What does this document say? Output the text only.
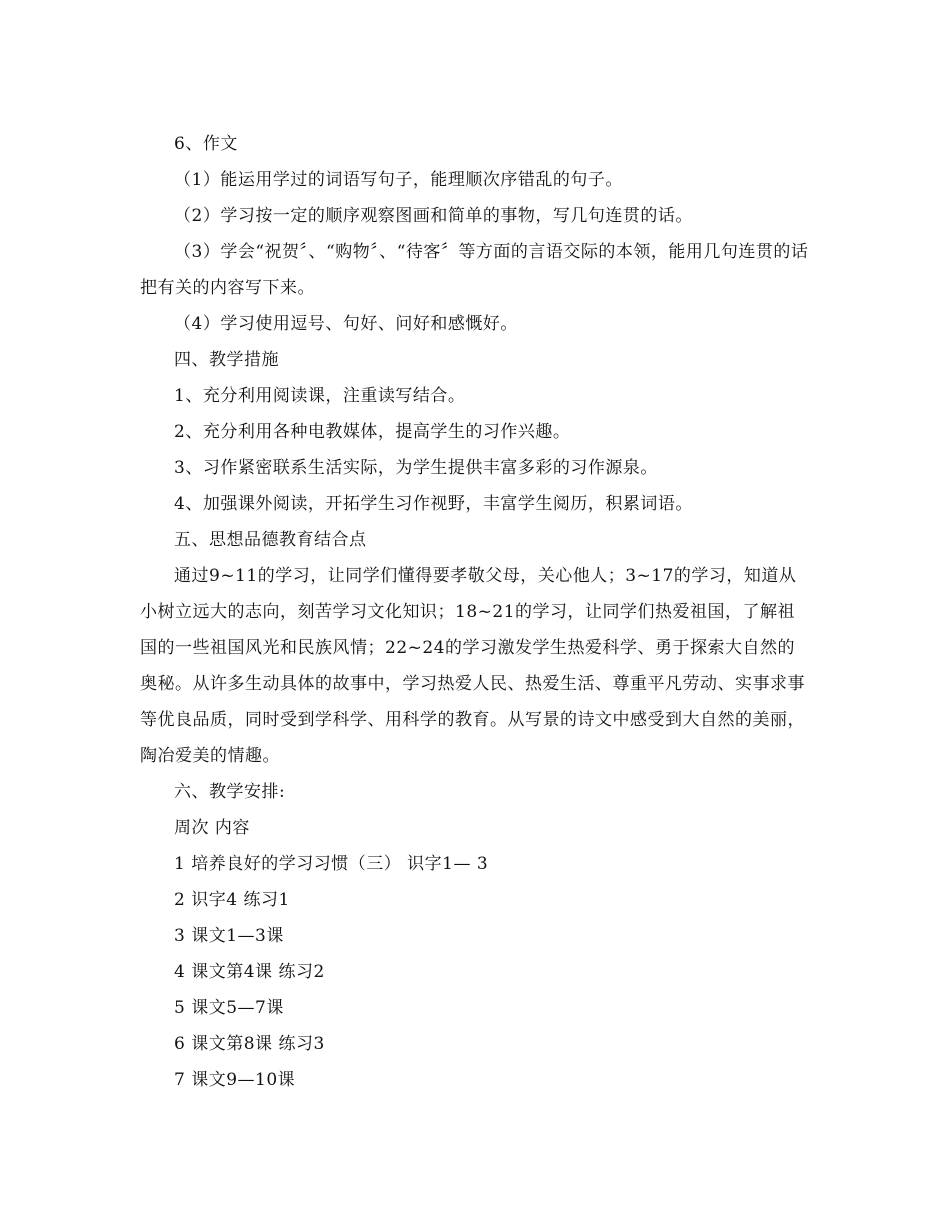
6、作文

（1）能运用学过的词语写句子，能理顺次序错乱的句子。

（2）学习按一定的顺序观察图画和简单的事物，写几句连贯的话。

（3）学会“祝贺〞、“购物〞、“待客〞等方面的言语交际的本领，能用几句连贯的话把有关的内容写下来。

（4）学习使用逗号、句好、问好和感慨好。

四、教学措施

1、充分利用阅读课，注重读写结合。

2、充分利用各种电教媒体，提高学生的习作兴趣。

3、习作紧密联系生活实际，为学生提供丰富多彩的习作源泉。

4、加强课外阅读，开拓学生习作视野，丰富学生阅历，积累词语。

五、思想品德教育结合点

通过9~11的学习，让同学们懂得要孝敬父母，关心他人；3~17的学习，知道从小树立远大的志向，刻苦学习文化知识；18~21的学习，让同学们热爱祖国，了解祖国的一些祖国风光和民族风情；22~24的学习激发学生热爱科学、勇于探索大自然的奥秘。从许多生动具体的故事中，学习热爱人民、热爱生活、尊重平凡劳动、实事求事等优良品质，同时受到学科学、用科学的教育。从写景的诗文中感受到大自然的美丽，陶冶爱美的情趣。

六、教学安排:

周次 内容

1 培养良好的学习习惯（三） 识字1— 3

2 识字4 练习1

3 课文1—3课

4 课文第4课 练习2

5 课文5—7课

6 课文第8课 练习3

7 课文9—10课
